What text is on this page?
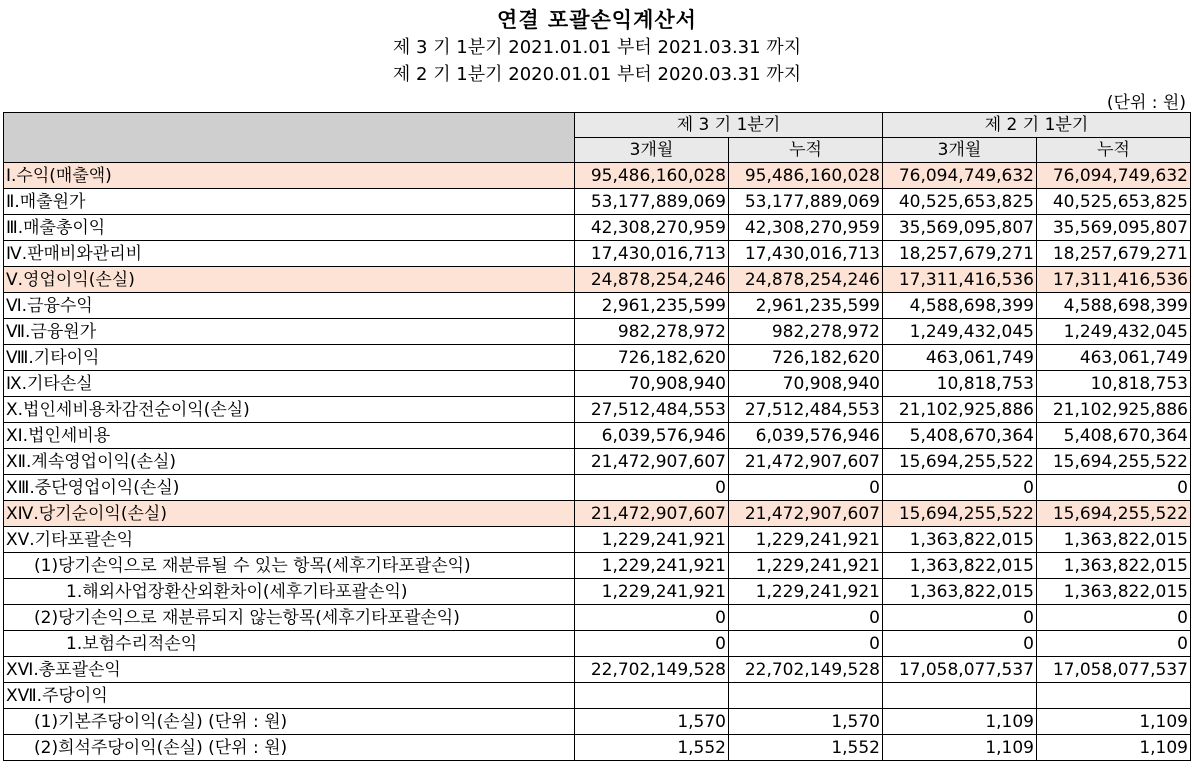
연결 포괄손익계산서
제 3 기 1분기 2021.01.01 부터 2021.03.31 까지
제 2 기 1분기 2020.01.01 부터 2020.03.31 까지
(단위 : 원)
	제 3 기 1분기		제 2 기 1분기	
	3개월	누적	3개월	누적
Ⅰ.수익(매출액)	95,486,160,028	95,486,160,028	76,094,749,632	76,094,749,632
Ⅱ.매출원가	53,177,889,069	53,177,889,069	40,525,653,825	40,525,653,825
Ⅲ.매출총이익	42,308,270,959	42,308,270,959	35,569,095,807	35,569,095,807
Ⅳ.판매비와관리비	17,430,016,713	17,430,016,713	18,257,679,271	18,257,679,271
Ⅴ.영업이익(손실)	24,878,254,246	24,878,254,246	17,311,416,536	17,311,416,536
Ⅵ.금융수익	2,961,235,599	2,961,235,599	4,588,698,399	4,588,698,399
Ⅶ.금융원가	982,278,972	982,278,972	1,249,432,045	1,249,432,045
Ⅷ.기타이익	726,182,620	726,182,620	463,061,749	463,061,749
Ⅸ.기타손실	70,908,940	70,908,940	10,818,753	10,818,753
Ⅹ.법인세비용차감전순이익(손실)	27,512,484,553	27,512,484,553	21,102,925,886	21,102,925,886
XI.법인세비용	6,039,576,946	6,039,576,946	5,408,670,364	5,408,670,364
XⅡ.계속영업이익(손실)	21,472,907,607	21,472,907,607	15,694,255,522	15,694,255,522
XⅢ.중단영업이익(손실)	0	0	0	0
XⅣ.당기순이익(손실)	21,472,907,607	21,472,907,607	15,694,255,522	15,694,255,522
XⅤ.기타포괄손익	1,229,241,921	1,229,241,921	1,363,822,015	1,363,822,015
(1)당기손익으로 재분류될 수 있는 항목(세후기타포괄손익)	1,229,241,921	1,229,241,921	1,363,822,015	1,363,822,015
1.해외사업장환산외환차이(세후기타포괄손익)	1,229,241,921	1,229,241,921	1,363,822,015	1,363,822,015
(2)당기손익으로 재분류되지 않는항목(세후기타포괄손익)	0	0	0	0
1.보험수리적손익	0	0	0	0
XⅥ.총포괄손익	22,702,149,528	22,702,149,528	17,058,077,537	17,058,077,537
XⅦ.주당이익				
(1)기본주당이익(손실) (단위 : 원)	1,570	1,570	1,109	1,109
(2)희석주당이익(손실) (단위 : 원)	1,552	1,552	1,109	1,109
